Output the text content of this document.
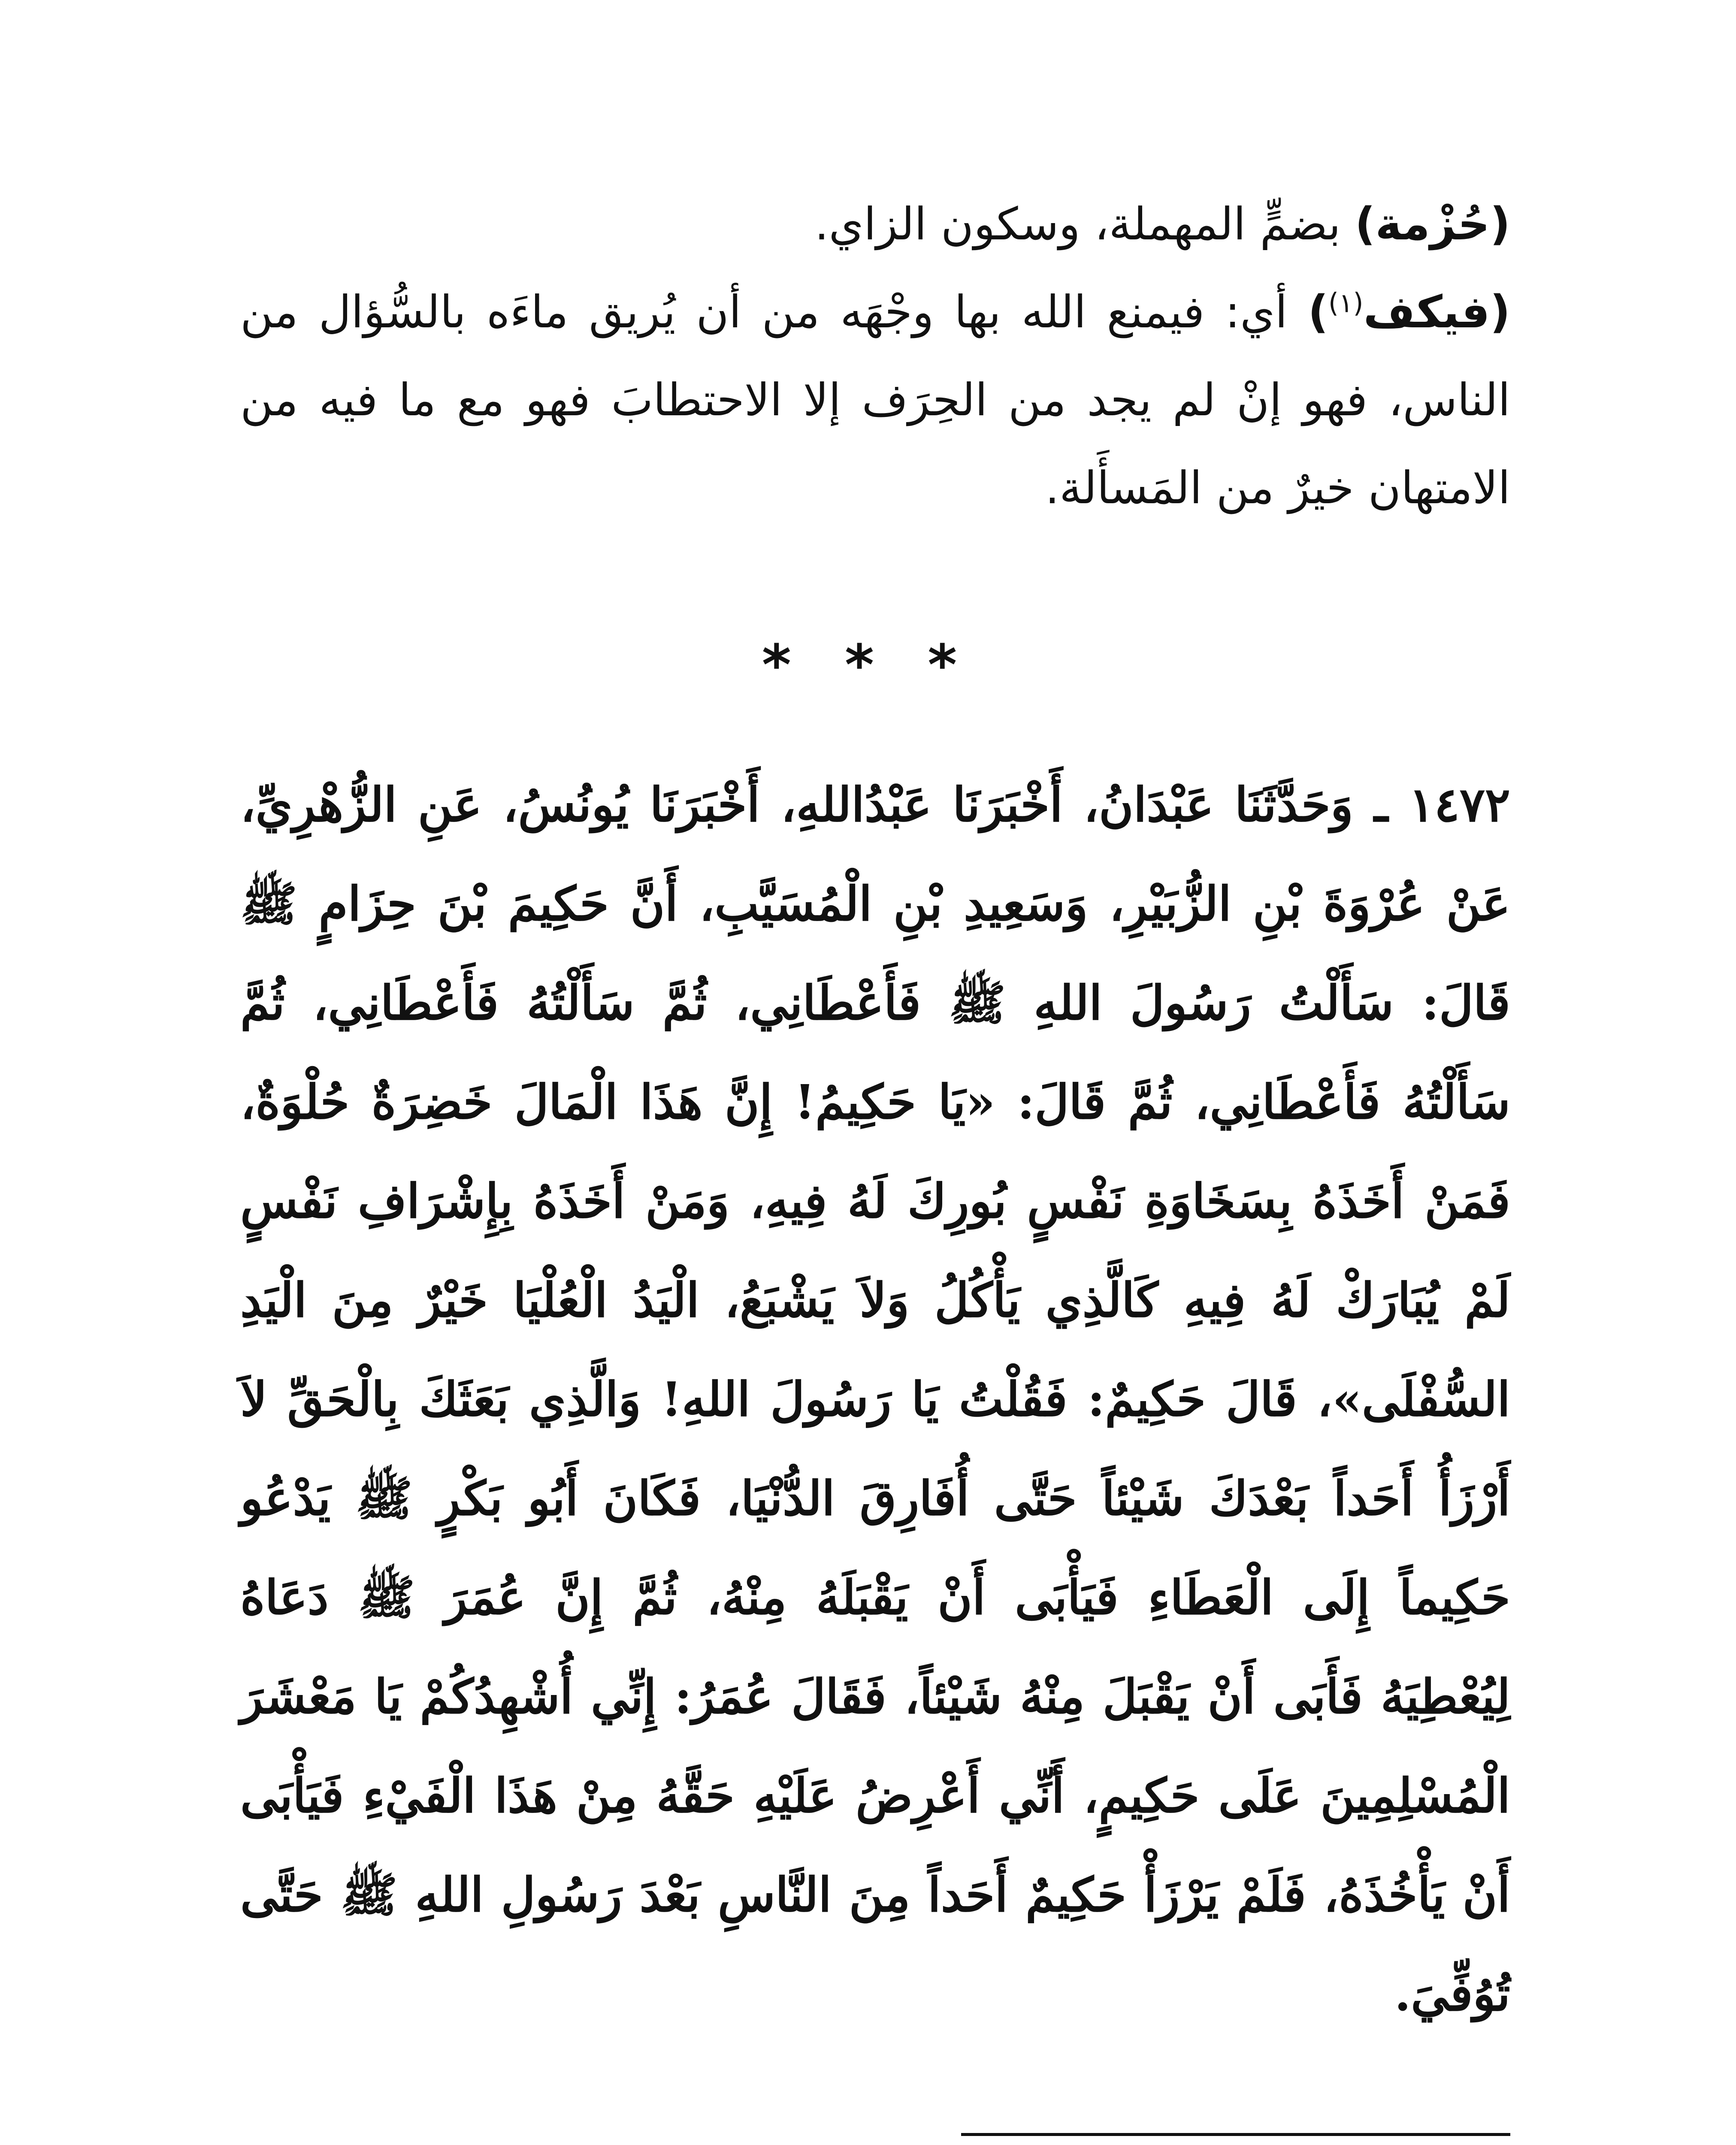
(حُزْمة) بضمٍّ المهملة، وسكون الزاي.

(فيكف$^{(١)}$) أي: فيمنع الله بها وجْهَه من أن يُريق ماءَه بالسُّؤال من الناس، فهو إنْ لم يجد من الحِرَف إلا الاحتطابَ فهو مع ما فيه من الامتهان خيرٌ من المَسأَلة.

* * *

١٤٧٢ ـ وَحَدَّثَنَا عَبْدَانُ، أَخْبَرَنَا عَبْدُاللهِ، أَخْبَرَنَا يُونُسُ، عَنِ الزُّهْرِيِّ، عَنْ عُرْوَةَ بْنِ الزُّبَيْرِ، وَسَعِيدِ بْنِ الْمُسَيَّبِ، أَنَّ حَكِيمَ بْنَ حِزَامٍ ﷺ قَالَ: سَأَلْتُ رَسُولَ اللهِ ﷺ فَأَعْطَانِي، ثُمَّ سَأَلْتُهُ فَأَعْطَانِي، ثُمَّ سَأَلْتُهُ فَأَعْطَانِي، ثُمَّ قَالَ: «يَا حَكِيمُ! إِنَّ هَذَا الْمَالَ خَضِرَةٌ حُلْوَةٌ، فَمَنْ أَخَذَهُ بِسَخَاوَةِ نَفْسٍ بُورِكَ لَهُ فِيهِ، وَمَنْ أَخَذَهُ بِإِشْرَافِ نَفْسٍ لَمْ يُبَارَكْ لَهُ فِيهِ كَالَّذِي يَأْكُلُ وَلاَ يَشْبَعُ، الْيَدُ الْعُلْيَا خَيْرٌ مِنَ الْيَدِ السُّفْلَى»، قَالَ حَكِيمٌ: فَقُلْتُ يَا رَسُولَ اللهِ! وَالَّذِي بَعَثَكَ بِالْحَقِّ لاَ أَرْزَأُ أَحَداً بَعْدَكَ شَيْئاً حَتَّى أُفَارِقَ الدُّنْيَا، فَكَانَ أَبُو بَكْرٍ ﷺ يَدْعُو حَكِيماً إِلَى الْعَطَاءِ فَيَأْبَى أَنْ يَقْبَلَهُ مِنْهُ، ثُمَّ إِنَّ عُمَرَ ﷺ دَعَاهُ لِيُعْطِيَهُ فَأَبَى أَنْ يَقْبَلَ مِنْهُ شَيْئاً، فَقَالَ عُمَرُ: إِنِّي أُشْهِدُكُمْ يَا مَعْشَرَ الْمُسْلِمِينَ عَلَى حَكِيمٍ، أَنِّي أَعْرِضُ عَلَيْهِ حَقَّهُ مِنْ هَذَا الْفَيْءِ فَيَأْبَى أَنْ يَأْخُذَهُ، فَلَمْ يَرْزَأْ حَكِيمٌ أَحَداً مِنَ النَّاسِ بَعْدَ رَسُولِ اللهِ ﷺ حَتَّى تُوُفِّيَ.
